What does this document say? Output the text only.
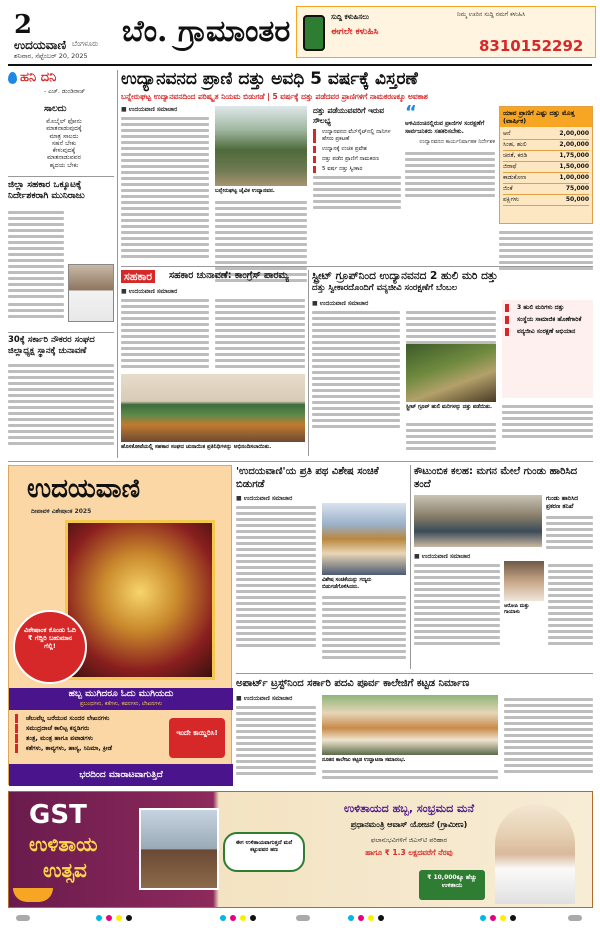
2
ಉದಯವಾಣಿ ಬೆಂಗಳೂರು
ಶನಿವಾರ, ಸೆಪ್ಟೆಂಬರ್ 20, 2025
ಬೆಂ. ಗ್ರಾಮಾಂತರ	ಸುದ್ದಿ ಕಳುಹಿಸಲು
ಈಗಲೇ ಕಳುಹಿಸಿ
ನಿಮ್ಮ ಊರಿನ ಸುದ್ದಿ ನಮಗೆ ಕಳುಹಿಸಿ
8310152292
ಹನಿ ದನಿ
- ಎಚ್. ಡುಂಡಿರಾಜ್
ಸಾಲದು
ಮೊಬೈಲ್ ಫೋನು
ಮಾತನಾಡುವುದಕ್ಕೆ
ಮಾತ್ರ ಸಾಲದು
ಸಹನೆ ಬೇಕು
ಕೇಳುವುದಕ್ಕೆ
ಮಾತನಾಡುವವರ
ಹೃದಯ ಬೇಕು
ಜಿಲ್ಲಾ ಸಹಕಾರ ಒಕ್ಕೂಟಕ್ಕೆ ನಿರ್ದೇಶಕರಾಗಿ ಮುನಿರಾಜು
30ಕ್ಕೆ ಸರ್ಕಾರಿ ನೌಕರರ ಸಂಘದ ಜಿಲ್ಲಾಧ್ಯಕ್ಷ ಸ್ಥಾನಕ್ಕೆ ಚುನಾವಣೆ
ಉದ್ಯಾನವನದ ಪ್ರಾಣಿ ದತ್ತು ಅವಧಿ 5 ವರ್ಷಕ್ಕೆ ವಿಸ್ತರಣೆ
ಬನ್ನೇರುಘಟ್ಟ ಉದ್ಯಾನವನದಿಂದ ಪರಿಷ್ಕೃತ ನಿಯಮ ಬಿಡುಗಡೆ | 5 ವರ್ಷಕ್ಕೆ ದತ್ತು ಪಡೆದವರ ಪ್ರಾಣಿಗಳಿಗೆ ನಾಮಕರಣಕ್ಕೂ ಅವಕಾಶ
■ ಉದಯವಾಣಿ ಸಮಾಚಾರ
ಬನ್ನೇರುಘಟ್ಟ ಜೈವಿಕ ಉದ್ಯಾನವನ.
ದತ್ತು ಪಡೆಯುವವರಿಗೆ ಇರುವ ಸೌಲಭ್ಯ
ಉದ್ಯಾನವನದ ವೆಬ್‌ಸೈಟ್‌ನಲ್ಲಿ ದಾನಿಗಳ ಹೆಸರು ಪ್ರಕಟಣೆ
ಉದ್ಯಾನಕ್ಕೆ ಉಚಿತ ಪ್ರವೇಶ
ದತ್ತು ಪಡೆದ ಪ್ರಾಣಿಗೆ ನಾಮಕರಣ
5 ವರ್ಷ ದತ್ತು ಸ್ವೀಕಾರ
“
ಅಳಿವಿನಂಚಿನಲ್ಲಿರುವ ಪ್ರಾಣಿಗಳ ಸಂರಕ್ಷಣೆಗೆ ಸಾರ್ವಜನಿಕರು ಸಹಕರಿಸಬೇಕು.
ಉದ್ಯಾನವನದ ಕಾರ್ಯನಿರ್ವಾಹಕ ನಿರ್ದೇಶಕ
ಯಾವ ಪ್ರಾಣಿಗೆ ಎಷ್ಟು ದತ್ತು ಮೊತ್ತ (ವಾರ್ಷಿಕ)
ಆನೆ	2,00,000
ಸಿಂಹ, ಹುಲಿ	2,00,000
ಚಿರತೆ, ಕರಡಿ	1,75,000
ಜಿರಾಫೆ	1,50,000
ಕಾಡುಕೋಣ	1,00,000
ಜಿಂಕೆ	75,000
ಪಕ್ಷಿಗಳು	50,000
ಸಹಕಾರ	ಸಹಕಾರ ಚುನಾವಣೆ: ಕಾಂಗ್ರೆಸ್ ಪಾರಮ್ಯ
■ ಉದಯವಾಣಿ ಸಮಾಚಾರ
ಹೊಸಕೋಟೆಯಲ್ಲಿ ಸಹಕಾರ ಸಂಘದ ಚುನಾಯಿತ ಪ್ರತಿನಿಧಿಗಳನ್ನು ಅಭಿನಂದಿಸಲಾಯಿತು.
ಸ್ಟ್ರೀಟ್ ಗ್ರೂಪ್‌ನಿಂದ ಉದ್ಯಾನವನದ 2 ಹುಲಿ ಮರಿ ದತ್ತು
ದತ್ತು ಸ್ವೀಕಾರದೊಂದಿಗೆ ವನ್ಯಜೀವಿ ಸಂರಕ್ಷಣೆಗೆ ಬೆಂಬಲ
■ ಉದಯವಾಣಿ ಸಮಾಚಾರ
ಸ್ಟ್ರೀಟ್ ಗ್ರೂಪ್ ಹುಲಿ ಮರಿಗಳನ್ನು ದತ್ತು ಪಡೆಯಿತು.
3 ಹುಲಿ ಮರಿಗಳು ದತ್ತು
ಸಂಸ್ಥೆಯ ಸಾಮಾಜಿಕ ಹೊಣೆಗಾರಿಕೆ
ವನ್ಯಜೀವಿ ಸಂರಕ್ಷಣೆ ಅಭಿಯಾನ
ಉದಯವಾಣಿ
ದೀಪಾವಳಿ ವಿಶೇಷಾಂಕ 2025
ವಿಶೇಷಾಂಕ ಕೊಂಡು ಓದಿ ₹ ಗೆದ್ದಿರಿ ಬಹುಮಾನ ಗೆಲ್ಲಿ!
ಹಬ್ಬ ಮುಗಿದರೂ ಓದು ಮುಗಿಯದು
ಪ್ರಬಂಧಗಳು, ಕತೆಗಳು, ಕವನಗಳು, ಲೇಖನಗಳು
ಚೆಲುವೆಲ್ಲ ಬರೆಯುವ ಸುಂದರ ಲೇಖನಗಳು
ಸಮುದ್ರದಾಚೆ ಕಾಲಿಟ್ಟ ಕನ್ನಡಿಗರು
ತಂತ್ರ, ಮಂತ್ರ ಹಾಗೂ ಪವಾಡಗಳು
ಕತೆಗಳು, ಕಾವ್ಯಗಳು, ಹಾಸ್ಯ, ಸಿನಿಮಾ, ಕ್ರೀಡೆ
ಇಂದೇ ಕಾಯ್ದಿರಿಸಿ!
ಭರದಿಂದ ಮಾರಾಟವಾಗುತ್ತಿದೆ
'ಉದಯವಾಣಿ'ಯ ಪ್ರತಿ ಪಥ ವಿಶೇಷ ಸಂಚಿಕೆ ಬಿಡುಗಡೆ
■ ಉದಯವಾಣಿ ಸಮಾಚಾರ
ವಿಶೇಷ ಸಂಚಿಕೆಯನ್ನು ಗಣ್ಯರು ಬಿಡುಗಡೆಗೊಳಿಸಿದರು.
ಕೌಟುಂಬಿಕ ಕಲಹ: ಮಗನ ಮೇಲೆ ಗುಂಡು ಹಾರಿಸಿದ ತಂದೆ
ಗುಂಡು ಹಾರಿಸಿದ ಪ್ರಕರಣ ತನಿಖೆ
■ ಉದಯವಾಣಿ ಸಮಾಚಾರ
ಆರೋಪಿ ಮತ್ತು ಗಾಯಾಳು
ಅಪಾರ್ಟ್ ಟ್ರಸ್ಟ್‌ನಿಂದ ಸರ್ಕಾರಿ ಪದವಿ ಪೂರ್ವ ಕಾಲೇಜಿಗೆ ಕಟ್ಟಡ ನಿರ್ಮಾಣ
■ ಉದಯವಾಣಿ ಸಮಾಚಾರ
ನೂತನ ಕಾಲೇಜು ಕಟ್ಟಡ ಉದ್ಘಾಟನಾ ಸಮಾರಂಭ.
GST
ಉಳಿತಾಯ
ಉತ್ಸವ
ಈಗ ಉಳಿತಾಯವಾಗುತ್ತದೆ ಮನೆ ಕಟ್ಟುವವರ ಹಣ
ಉಳಿತಾಯದ ಹಬ್ಬ, ಸಂಭ್ರಮದ ಮನೆ
ಪ್ರಧಾನಮಂತ್ರಿ ಆವಾಸ್ ಯೋಜನೆ (ಗ್ರಾಮೀಣ)
ಫಲಾನುಭವಿಗಳಿಗೆ ಜಿಎಸ್‌ಟಿ ಪರಿಹಾರ
ಹಾಗೂ ₹ 1.3 ಲಕ್ಷದವರೆಗೆ ನೆರವು
₹ 10,000ಕ್ಕೂ ಹೆಚ್ಚು ಉಳಿತಾಯ
